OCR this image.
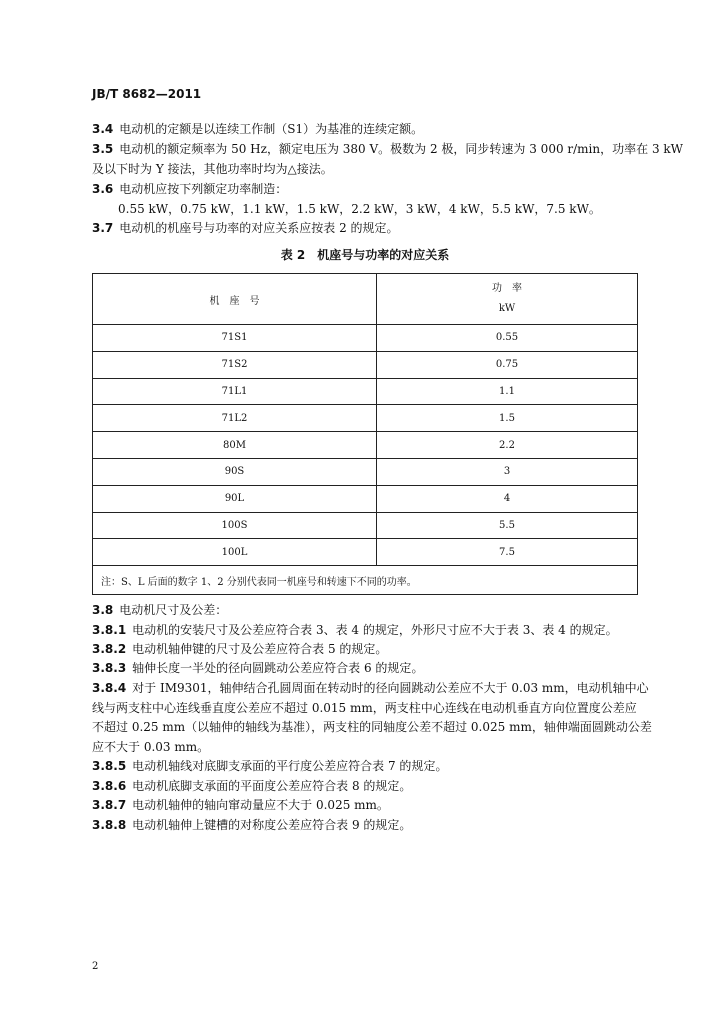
JB/T 8682—2011
3.4 电动机的定额是以连续工作制（S1）为基准的连续定额。
3.5 电动机的额定频率为 50 Hz，额定电压为 380 V。极数为 2 极，同步转速为 3 000 r/min，功率在 3 kW
及以下时为 Y 接法，其他功率时均为△接法。
3.6 电动机应按下列额定功率制造：
0.55 kW，0.75 kW，1.1 kW，1.5 kW，2.2 kW，3 kW，4 kW，5.5 kW，7.5 kW。
3.7 电动机的机座号与功率的对应关系应按表 2 的规定。
表 2　机座号与功率的对应关系
机　座　号	功　率
kW

71S1	0.55
71S2	0.75
71L1	1.1
71L2	1.5
80M	2.2
90S	3
90L	4
100S	5.5
100L	7.5
注：S、L 后面的数字 1、2 分别代表同一机座号和转速下不同的功率。	
3.8 电动机尺寸及公差：
3.8.1 电动机的安装尺寸及公差应符合表 3、表 4 的规定，外形尺寸应不大于表 3、表 4 的规定。
3.8.2 电动机轴伸键的尺寸及公差应符合表 5 的规定。
3.8.3 轴伸长度一半处的径向圆跳动公差应符合表 6 的规定。
3.8.4 对于 IM9301，轴伸结合孔圆周面在转动时的径向圆跳动公差应不大于 0.03 mm，电动机轴中心
线与两支柱中心连线垂直度公差应不超过 0.015 mm，两支柱中心连线在电动机垂直方向位置度公差应
不超过 0.25 mm（以轴伸的轴线为基准），两支柱的同轴度公差不超过 0.025 mm，轴伸端面圆跳动公差
应不大于 0.03 mm。
3.8.5 电动机轴线对底脚支承面的平行度公差应符合表 7 的规定。
3.8.6 电动机底脚支承面的平面度公差应符合表 8 的规定。
3.8.7 电动机轴伸的轴向窜动量应不大于 0.025 mm。
3.8.8 电动机轴伸上键槽的对称度公差应符合表 9 的规定。
2
